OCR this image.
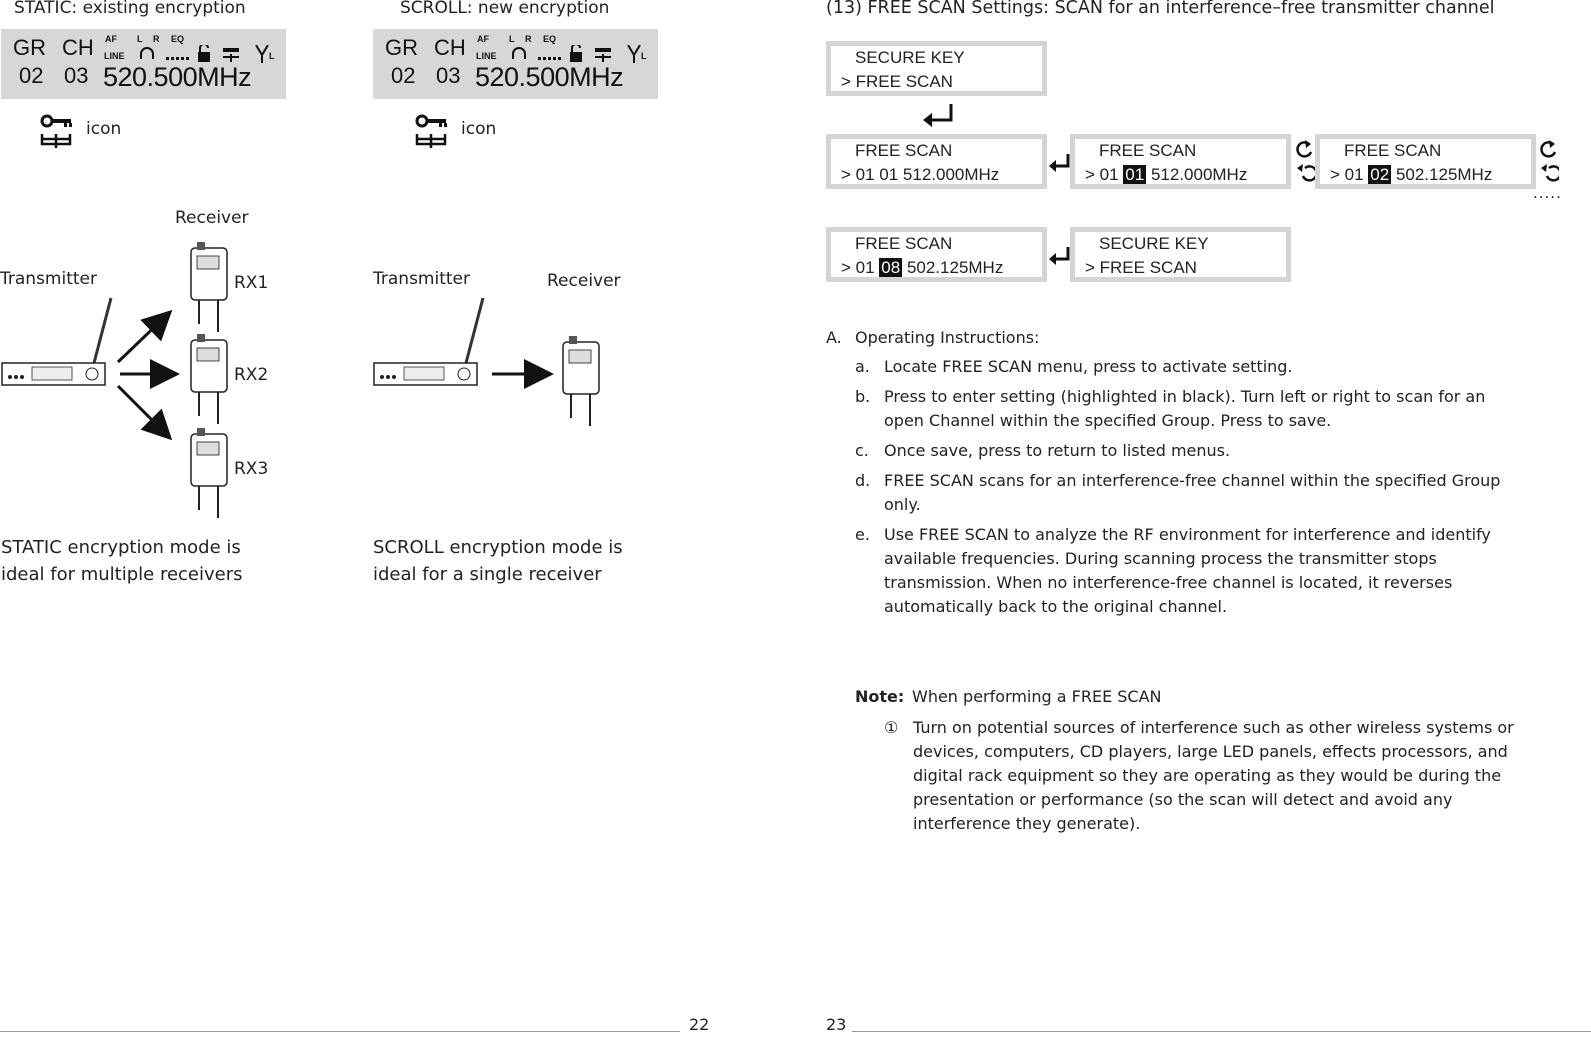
STATIC: existing encryption	SCROLL: new encryption
GR CH AF
LINE
L R EQ
L
02 03 520.500MHz
GR CH AF
LINE
L R EQ
L
02 03 520.500MHz
icon	icon
Receiver
Transmitter	RX1
RX2
RX3
Transmitter	Receiver
STATIC encryption mode is
ideal for multiple receivers
SCROLL encryption mode is
ideal for a single receiver
22
(13) FREE SCAN Settings: SCAN for an interference–free transmitter channel
SECURE KEY
> FREE SCAN
FREE SCAN
> 01 01 512.000MHz
FREE SCAN
> 01 01 512.000MHz
FREE SCAN
> 01 02 502.125MHz
.....
FREE SCAN
> 01 08 502.125MHz
SECURE KEY
> FREE SCAN
A. Operating Instructions:
a. Locate FREE SCAN menu, press to activate setting.
b. Press to enter setting (highlighted in black). Turn left or right to scan for an
open Channel within the specified Group. Press to save.
c. Once save, press to return to listed menus.
d. FREE SCAN scans for an interference-free channel within the specified Group
only.
e. Use FREE SCAN to analyze the RF environment for interference and identify
available frequencies. During scanning process the transmitter stops
transmission. When no interference-free channel is located, it reverses
automatically back to the original channel.
Note: When performing a FREE SCAN
① Turn on potential sources of interference such as other wireless systems or
devices, computers, CD players, large LED panels, effects processors, and
digital rack equipment so they are operating as they would be during the
presentation or performance (so the scan will detect and avoid any
interference they generate).
23
